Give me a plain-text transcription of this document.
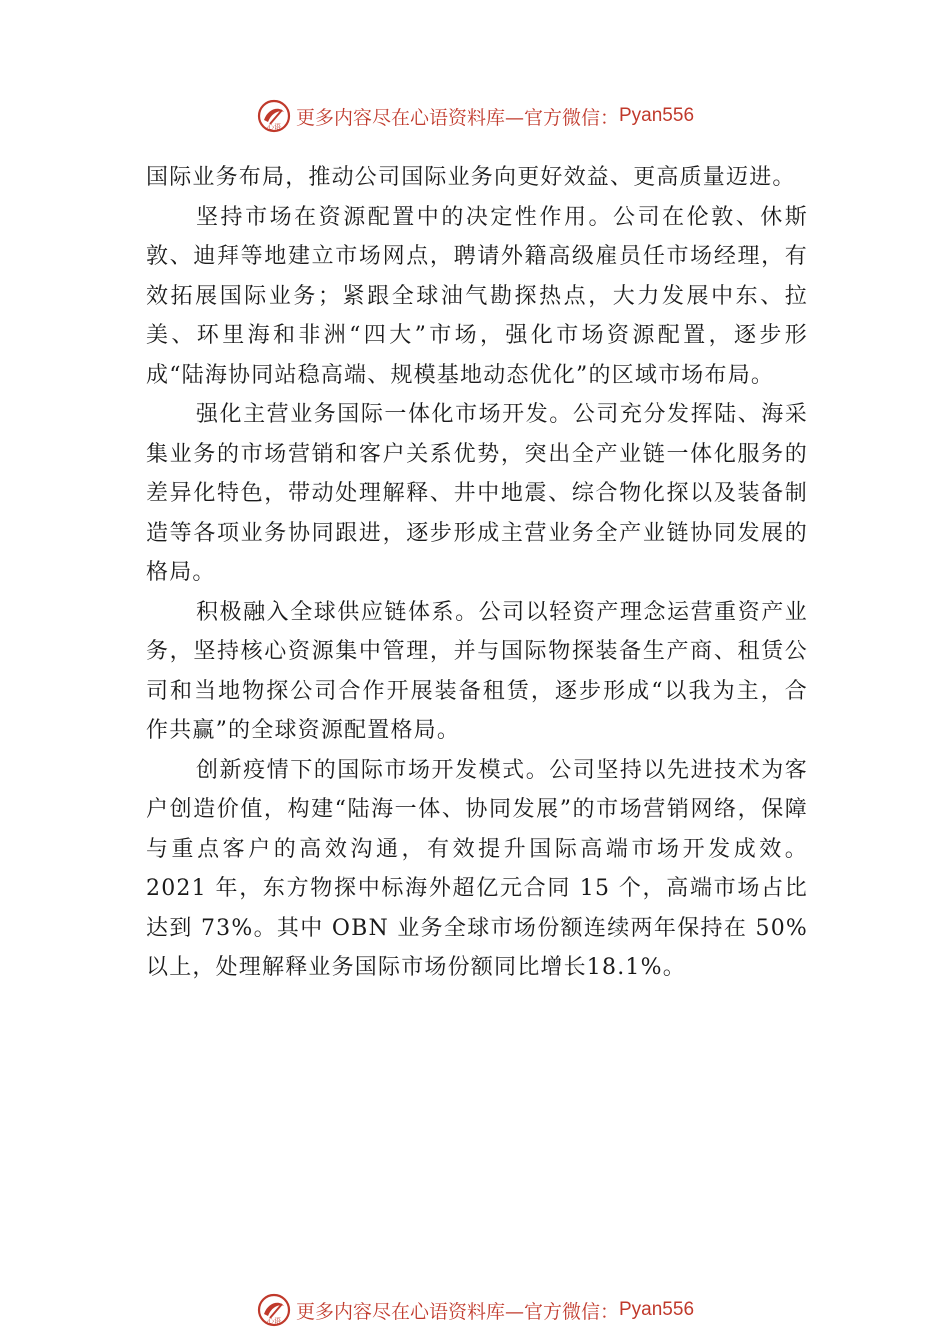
心语 更多内容尽在心语资料库—官方微信： Pyan556

国际业务布局，推动公司国际业务向更好效益、更高质量迈进。

坚持市场在资源配置中的决定性作用。公司在伦敦、休斯敦、迪拜等地建立市场网点，聘请外籍高级雇员任市场经理，有效拓展国际业务；紧跟全球油气勘探热点，大力发展中东、拉美、环里海和非洲“四大”市场，强化市场资源配置，逐步形成“陆海协同站稳高端、规模基地动态优化”的区域市场布局。

强化主营业务国际一体化市场开发。公司充分发挥陆、海采集业务的市场营销和客户关系优势，突出全产业链一体化服务的差异化特色，带动处理解释、井中地震、综合物化探以及装备制造等各项业务协同跟进，逐步形成主营业务全产业链协同发展的格局。

积极融入全球供应链体系。公司以轻资产理念运营重资产业务，坚持核心资源集中管理，并与国际物探装备生产商、租赁公司和当地物探公司合作开展装备租赁，逐步形成“以我为主，合作共赢”的全球资源配置格局。

创新疫情下的国际市场开发模式。公司坚持以先进技术为客户创造价值，构建“陆海一体、协同发展”的市场营销网络，保障与重点客户的高效沟通，有效提升国际高端市场开发成效。2021 年，东方物探中标海外超亿元合同 15 个，高端市场占比达到 73%。其中 OBN 业务全球市场份额连续两年保持在 50%以上，处理解释业务国际市场份额同比增长18.1%。

心语 更多内容尽在心语资料库—官方微信： Pyan556
